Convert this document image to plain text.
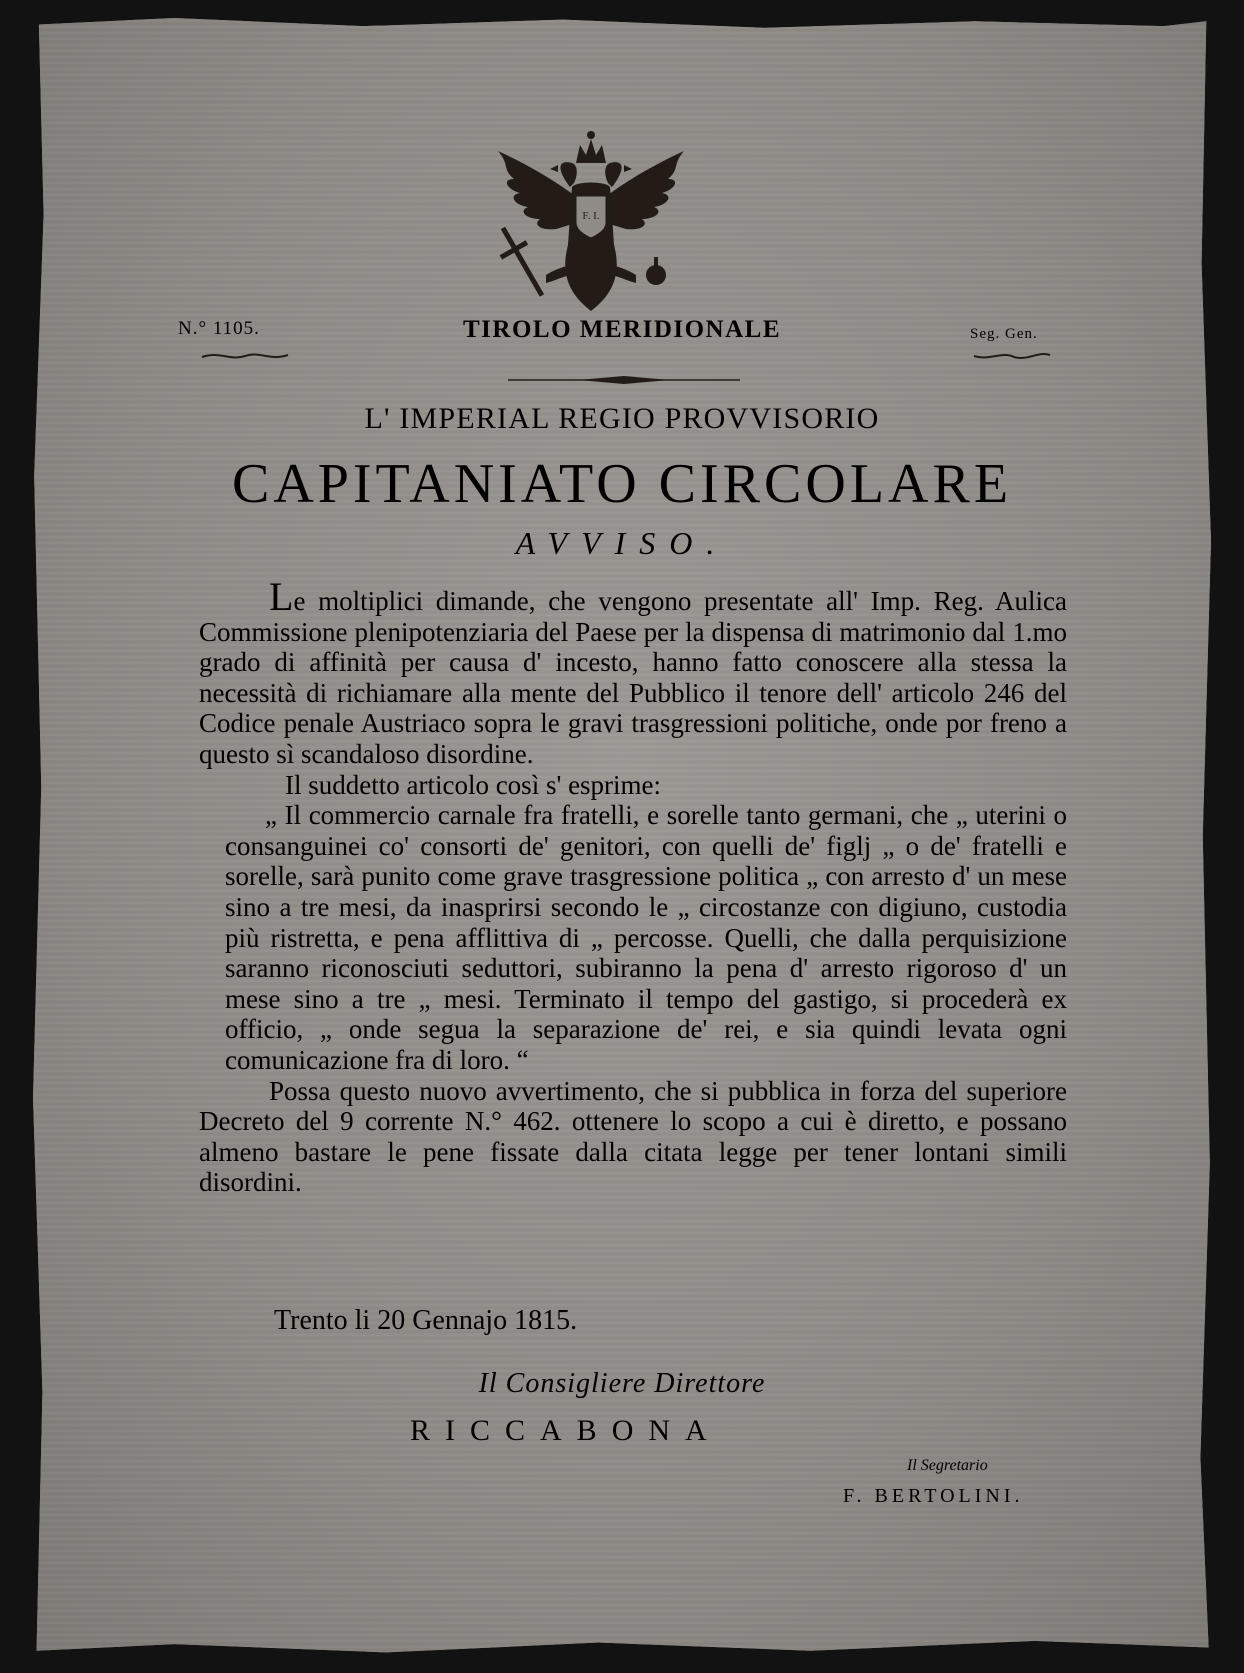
F. I.
N.° 1105.	TIROLO MERIDIONALE	Seg. Gen.
L' IMPERIAL REGIO PROVVISORIO
CAPITANIATO CIRCOLARE
AVVISO.

Le moltiplici dimande, che vengono presentate all' Imp. Reg. Aulica Commissione plenipotenziaria del Paese per la dispensa di matrimonio dal 1.mo grado di affinità per causa d' incesto, hanno fatto conoscere alla stessa la necessità di richiamare alla mente del Pubblico il tenore dell' articolo 246 del Codice penale Austriaco sopra le gravi trasgressioni politiche, onde por freno a questo sì scandaloso disordine.

Il suddetto articolo così s' esprime:

„ Il commercio carnale fra fratelli, e sorelle tanto germani, che „ uterini o consanguinei co' consorti de' genitori, con quelli de' figlj „ o de' fratelli e sorelle, sarà punito come grave trasgressione politica „ con arresto d' un mese sino a tre mesi, da inasprirsi secondo le „ circostanze con digiuno, custodia più ristretta, e pena afflittiva di „ percosse. Quelli, che dalla perquisizione saranno riconosciuti seduttori, subiranno la pena d' arresto rigoroso d' un mese sino a tre „ mesi. Terminato il tempo del gastigo, si procederà ex officio, „ onde segua la separazione de' rei, e sia quindi levata ogni comunicazione fra di loro. “

Possa questo nuovo avvertimento, che si pubblica in forza del superiore Decreto del 9 corrente N.° 462. ottenere lo scopo a cui è diretto, e possano almeno bastare le pene fissate dalla citata legge per tener lontani simili disordini.

Trento li 20 Gennajo 1815.
Il Consigliere Direttore
RICCABONA
Il Segretario
F. BERTOLINI.
